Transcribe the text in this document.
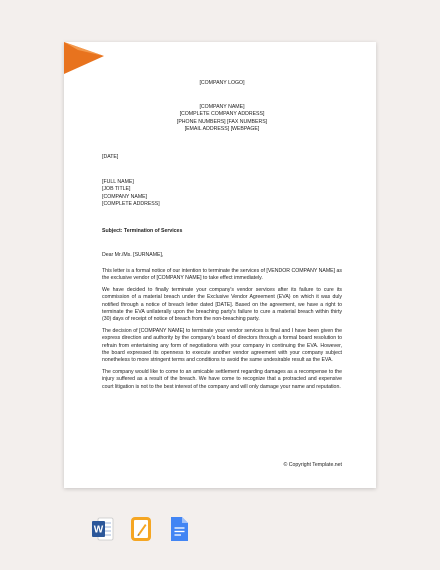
[COMPANY LOGO]
[COMPANY NAME]
[COMPLETE COMPANY ADDRESS]
[PHONE NUMBERS] [FAX NUMBERS]
[EMAIL ADDRESS] [WEBPAGE]
[DATE]
[FULL NAME]
[JOB TITLE]
[COMPANY NAME]
[COMPLETE ADDRESS]
Subject: Termination of Services
Dear Mr./Ms. [SURNAME],

This letter is a formal notice of our intention to terminate the services of [VENDOR COMPANY NAME] as the exclusive vendor of [COMPANY NAME] to take effect immediately.

We have decided to finally terminate your company's vendor services after its failure to cure its commission of a material breach under the Exclusive Vendor Agreement (EVA) on which it was duly notified through a notice of breach letter dated [DATE]. Based on the agreement, we have a right to terminate the EVA unilaterally upon the breaching party's failure to cure a material breach within thirty (30) days of receipt of notice of breach from the non-breaching party.

The decision of [COMPANY NAME] to terminate your vendor services is final and I have been given the express direction and authority by the company's board of directors through a formal board resolution to refrain from entertaining any form of negotiations with your company in continuing the EVA. However, the board expressed its openness to execute another vendor agreement with your company subject nonetheless to more stringent terms and conditions to avoid the same undesirable result as the EVA.

The company would like to come to an amicable settlement regarding damages as a recompense to the injury suffered as a result of the breach. We have come to recognize that a protracted and expensive court litigation is not to the best interest of the company and will only damage your name and reputation.

© Copyright Template.net
W
